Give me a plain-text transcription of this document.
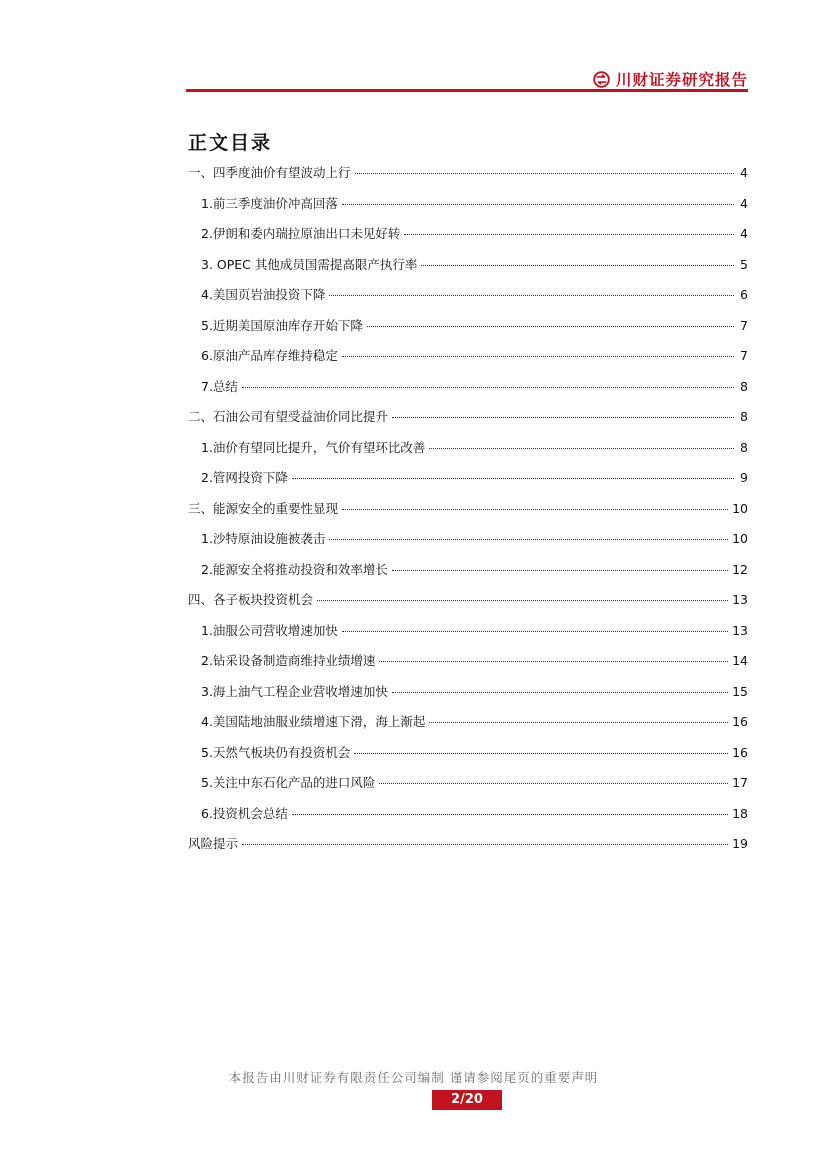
川财证券研究报告
正文目录
一、四季度油价有望波动上行	4
1.前三季度油价冲高回落	4
2.伊朗和委内瑞拉原油出口未见好转	4
3. OPEC 其他成员国需提高限产执行率	5
4.美国页岩油投资下降	6
5.近期美国原油库存开始下降	7
6.原油产品库存维持稳定	7
7.总结	8
二、石油公司有望受益油价同比提升	8
1.油价有望同比提升，气价有望环比改善	8
2.管网投资下降	9
三、能源安全的重要性显现	10
1.沙特原油设施被袭击	10
2.能源安全将推动投资和效率增长	12
四、各子板块投资机会	13
1.油服公司营收增速加快	13
2.钻采设备制造商维持业绩增速	14
3.海上油气工程企业营收增速加快	15
4.美国陆地油服业绩增速下滑，海上渐起	16
5.天然气板块仍有投资机会	16
5.关注中东石化产品的进口风险	17
6.投资机会总结	18
风险提示	19
本报告由川财证券有限责任公司编制 谨请参阅尾页的重要声明
2/20
